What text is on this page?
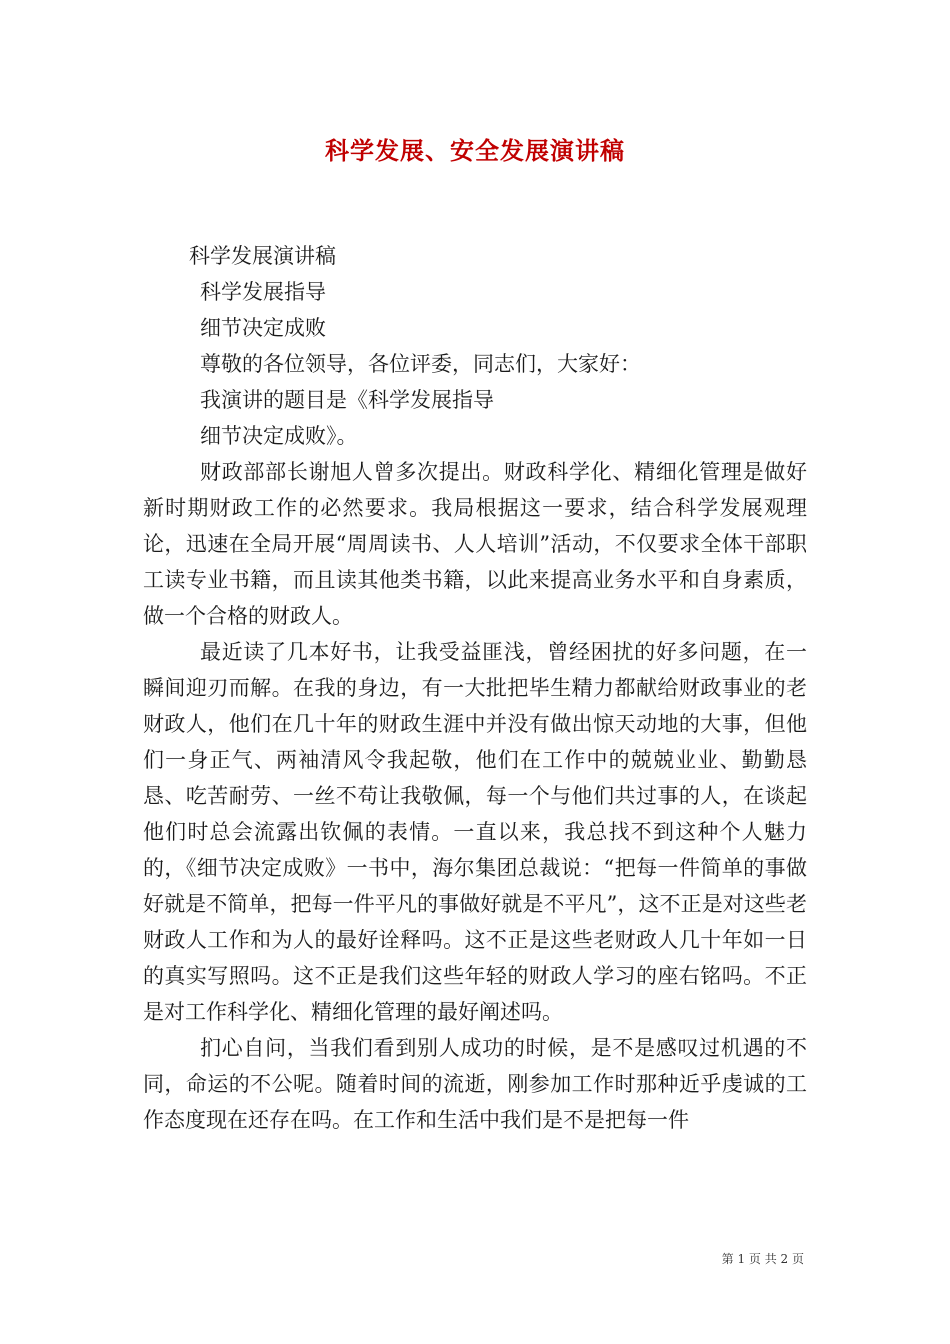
科学发展、安全发展演讲稿

科学发展演讲稿

科学发展指导

细节决定成败

尊敬的各位领导，各位评委，同志们，大家好：

我演讲的题目是《科学发展指导

细节决定成败》。

财政部部长谢旭人曾多次提出。财政科学化、精细化管理是做好新时期财政工作的必然要求。我局根据这一要求，结合科学发展观理论，迅速在全局开展“周周读书、人人培训”活动，不仅要求全体干部职工读专业书籍，而且读其他类书籍，以此来提高业务水平和自身素质，做一个合格的财政人。

最近读了几本好书，让我受益匪浅，曾经困扰的好多问题，在一瞬间迎刃而解。在我的身边，有一大批把毕生精力都献给财政事业的老财政人，他们在几十年的财政生涯中并没有做出惊天动地的大事，但他们一身正气、两袖清风令我起敬，他们在工作中的兢兢业业、勤勤恳恳、吃苦耐劳、一丝不苟让我敬佩，每一个与他们共过事的人，在谈起他们时总会流露出钦佩的表情。一直以来，我总找不到这种个人魅力的，《细节决定成败》一书中，海尔集团总裁说：“把每一件简单的事做好就是不简单，把每一件平凡的事做好就是不平凡”，这不正是对这些老财政人工作和为人的最好诠释吗。这不正是这些老财政人几十年如一日的真实写照吗。这不正是我们这些年轻的财政人学习的座右铭吗。不正是对工作科学化、精细化管理的最好阐述吗。

扪心自问，当我们看到别人成功的时候，是不是感叹过机遇的不同，命运的不公呢。随着时间的流逝，刚参加工作时那种近乎虔诚的工作态度现在还存在吗。在工作和生活中我们是不是把每一件

第 1 页 共 2 页
